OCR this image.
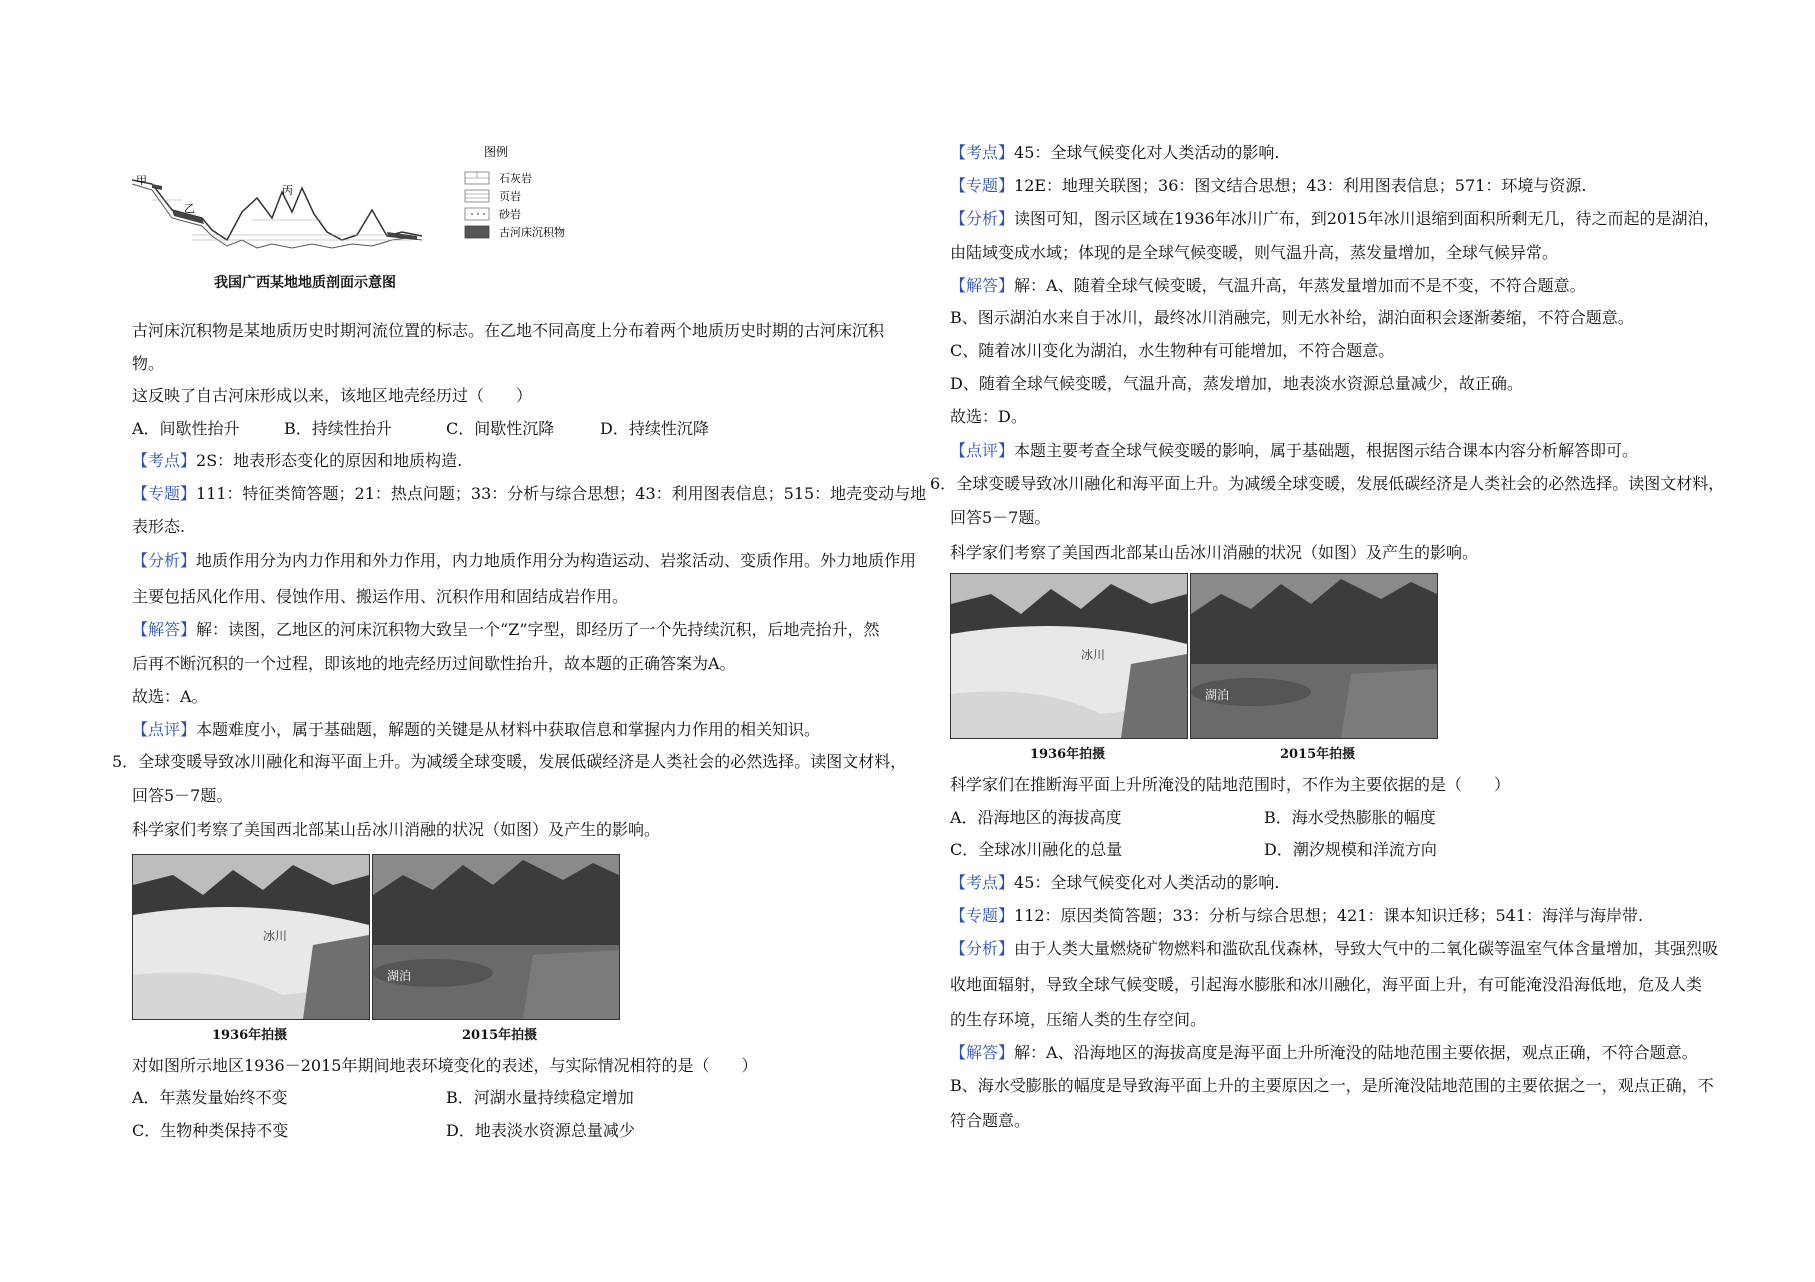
甲
乙
丙
图例
石灰岩
页岩
砂岩
古河床沉积物
我国广西某地地质剖面示意图
古河床沉积物是某地质历史时期河流位置的标志。在乙地不同高度上分布着两个地质历史时期的古河床沉积
物。
这反映了自古河床形成以来，该地区地壳经历过（　　）
A．间歇性抬升	B．持续性抬升	C．间歇性沉降	D．持续性沉降
【考点】2S：地表形态变化的原因和地质构造.
【专题】111：特征类简答题；21：热点问题；33：分析与综合思想；43：利用图表信息；515：地壳变动与地
表形态.
【分析】地质作用分为内力作用和外力作用，内力地质作用分为构造运动、岩浆活动、变质作用。外力地质作用
主要包括风化作用、侵蚀作用、搬运作用、沉积作用和固结成岩作用。
【解答】解：读图，乙地区的河床沉积物大致呈一个“Z”字型，即经历了一个先持续沉积，后地壳抬升，然
后再不断沉积的一个过程，即该地的地壳经历过间歇性抬升，故本题的正确答案为A。
故选：A。
【点评】本题难度小，属于基础题，解题的关键是从材料中获取信息和掌握内力作用的相关知识。
5．全球变暖导致冰川融化和海平面上升。为减缓全球变暖，发展低碳经济是人类社会的必然选择。读图文材料，
回答5－7题。
科学家们考察了美国西北部某山岳冰川消融的状况（如图）及产生的影响。
冰川
湖泊
1936年拍摄	2015年拍摄
对如图所示地区1936－2015年期间地表环境变化的表述，与实际情况相符的是（　　）
A．年蒸发量始终不变	B．河湖水量持续稳定增加
C．生物种类保持不变	D．地表淡水资源总量减少
【考点】45：全球气候变化对人类活动的影响.
【专题】12E：地理关联图；36：图文结合思想；43：利用图表信息；571：环境与资源.
【分析】读图可知，图示区域在1936年冰川广布，到2015年冰川退缩到面积所剩无几，待之而起的是湖泊，
由陆域变成水域；体现的是全球气候变暖，则气温升高，蒸发量增加，全球气候异常。
【解答】解：A、随着全球气候变暖，气温升高，年蒸发量增加而不是不变，不符合题意。
B、图示湖泊水来自于冰川，最终冰川消融完，则无水补给，湖泊面积会逐渐萎缩，不符合题意。
C、随着冰川变化为湖泊，水生物种有可能增加，不符合题意。
D、随着全球气候变暖，气温升高，蒸发增加，地表淡水资源总量减少，故正确。
故选：D。
【点评】本题主要考查全球气候变暖的影响，属于基础题，根据图示结合课本内容分析解答即可。
6．全球变暖导致冰川融化和海平面上升。为减缓全球变暖，发展低碳经济是人类社会的必然选择。读图文材料，
回答5－7题。
科学家们考察了美国西北部某山岳冰川消融的状况（如图）及产生的影响。
冰川
湖泊
1936年拍摄	2015年拍摄
科学家们在推断海平面上升所淹没的陆地范围时，不作为主要依据的是（　　）
A．沿海地区的海拔高度	B．海水受热膨胀的幅度
C．全球冰川融化的总量	D．潮汐规模和洋流方向
【考点】45：全球气候变化对人类活动的影响.
【专题】112：原因类简答题；33：分析与综合思想；421：课本知识迁移；541：海洋与海岸带.
【分析】由于人类大量燃烧矿物燃料和滥砍乱伐森林，导致大气中的二氧化碳等温室气体含量增加，其强烈吸
收地面辐射，导致全球气候变暖，引起海水膨胀和冰川融化，海平面上升，有可能淹没沿海低地，危及人类
的生存环境，压缩人类的生存空间。
【解答】解：A、沿海地区的海拔高度是海平面上升所淹没的陆地范围主要依据，观点正确，不符合题意。
B、海水受膨胀的幅度是导致海平面上升的主要原因之一，是所淹没陆地范围的主要依据之一，观点正确，不
符合题意。
